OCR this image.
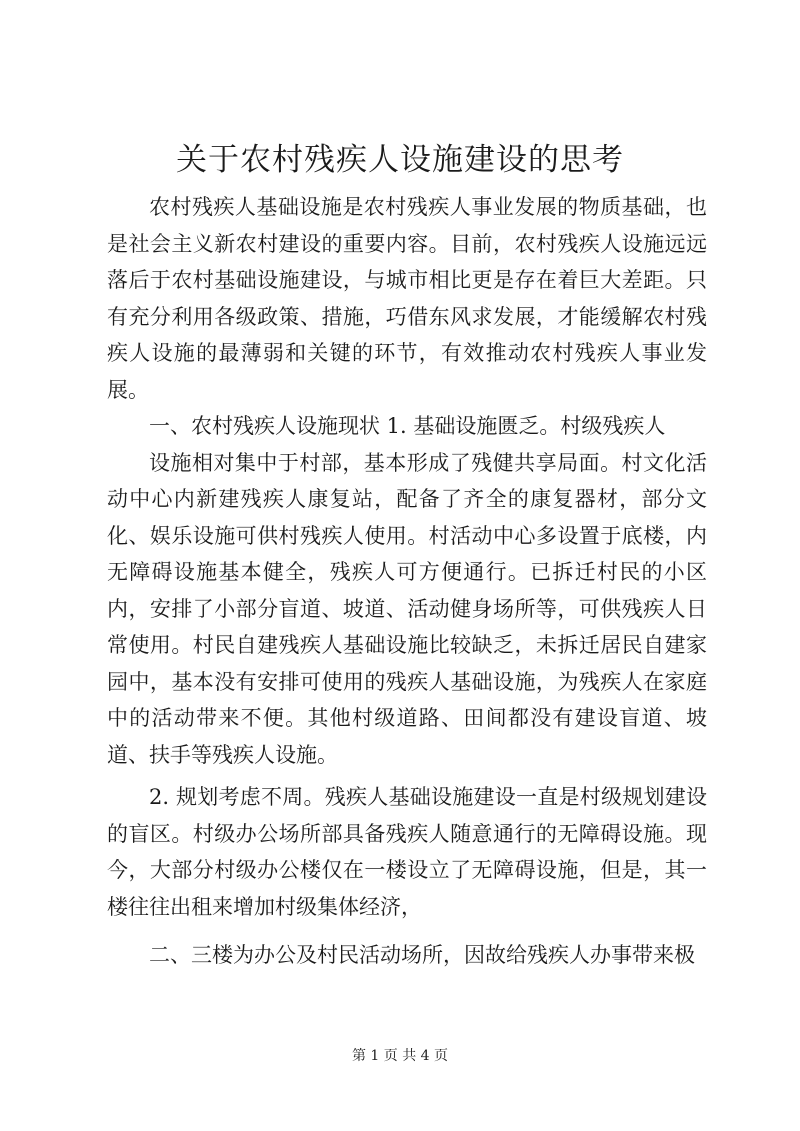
关于农村残疾人设施建设的思考

农村残疾人基础设施是农村残疾人事业发展的物质基础，也是社会主义新农村建设的重要内容。目前，农村残疾人设施远远落后于农村基础设施建设，与城市相比更是存在着巨大差距。只有充分利用各级政策、措施，巧借东风求发展，才能缓解农村残疾人设施的最薄弱和关键的环节，有效推动农村残疾人事业发展。

一、农村残疾人设施现状 1. 基础设施匮乏。村级残疾人

设施相对集中于村部，基本形成了残健共享局面。村文化活动中心内新建残疾人康复站，配备了齐全的康复器材，部分文化、娱乐设施可供村残疾人使用。村活动中心多设置于底楼，内无障碍设施基本健全，残疾人可方便通行。已拆迁村民的小区内，安排了小部分盲道、坡道、活动健身场所等，可供残疾人日常使用。村民自建残疾人基础设施比较缺乏，未拆迁居民自建家园中，基本没有安排可使用的残疾人基础设施，为残疾人在家庭中的活动带来不便。其他村级道路、田间都没有建设盲道、坡道、扶手等残疾人设施。

2. 规划考虑不周。残疾人基础设施建设一直是村级规划建设的盲区。村级办公场所部具备残疾人随意通行的无障碍设施。现今，大部分村级办公楼仅在一楼设立了无障碍设施，但是，其一楼往往出租来增加村级集体经济，

二、三楼为办公及村民活动场所，因故给残疾人办事带来极

第 1 页 共 4 页
